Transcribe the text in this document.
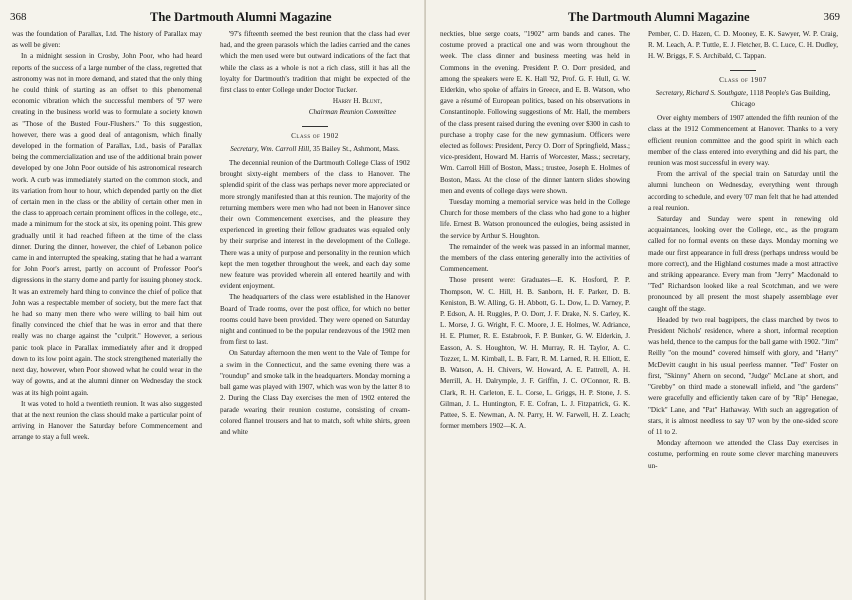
368	The Dartmouth Alumni Magazine

was the foundation of Parallax, Ltd. The history of Parallax may as well be given:

In a midnight session in Crosby, John Poor, who had heard reports of the success of a large number of the class, regretted that astronomy was not in more demand, and stated that the only thing he could think of starting as an offset to this phenomenal economic vibration which the successful members of '97 were creating in the business world was to formulate a society known as "Those of the Busted Four-Flushers." To this suggestion, however, there was a good deal of antagonism, which finally developed in the formation of Parallax, Ltd., basis of Parallax being the commercialization and use of the additional brain power developed by one John Poor outside of his astronomical research work. A curb was immediately started on the common stock, and its variation from hour to hour, which depended partly on the diet of certain men in the class or the ability of certain other men in the class to approach certain prominent offices in the college, etc., made a minimum for the stock at six, its opening point. This grew gradually until it had reached fifteen at the time of the class dinner. During the dinner, however, the chief of Lebanon police came in and interrupted the speaking, stating that he had a warrant for John Poor's arrest, partly on account of Professor Poor's digressions in the starry dome and partly for issuing phoney stock. It was an extremely hard thing to convince the chief of police that John was a respectable member of society, but the mere fact that he had so many men there who were willing to bail him out finally convinced the chief that he was in error and that there really was no charge against the "culprit." However, a serious panic took place in Parallax immediately after and it dropped down to its low point again. The stock strengthened materially the next day, however, when Poor showed what he could wear in the way of gowns, and at the alumni dinner on Wednesday the stock was at its high point again.

It was voted to hold a twentieth reunion. It was also suggested that at the next reunion the class should make a particular point of arriving in Hanover the Saturday before Commencement and arrange to stay a full week.

'97's fifteenth seemed the best reunion that the class had ever had, and the green parasols which the ladies carried and the canes which the men used were but outward indications of the fact that while the class as a whole is not a rich class, still it has all the loyalty for Dartmouth's tradition that might be expected of the first class to enter College under Doctor Tucker.

Harry H. Blunt,

Chairman Reunion Committee

Class of 1902

Secretary, Wm. Carroll Hill, 35 Bailey St., Ashmont, Mass.

The decennial reunion of the Dartmouth College Class of 1902 brought sixty-eight members of the class to Hanover. The splendid spirit of the class was perhaps never more appreciated or more strongly manifested than at this reunion. The majority of the returning members were men who had not been in Hanover since their own Commencement exercises, and the pleasure they experienced in greeting their fellow graduates was equaled only by their surprise and interest in the development of the College. There was a unity of purpose and personality in the reunion which kept the men together throughout the week, and each day some new feature was provided wherein all entered heartily and with evident enjoyment.

The headquarters of the class were established in the Hanover Board of Trade rooms, over the post office, for which no better rooms could have been provided. They were opened on Saturday night and continued to be the popular rendezvous of the 1902 men from first to last.

On Saturday afternoon the men went to the Vale of Tempe for a swim in the Connecticut, and the same evening there was a "roundup" and smoke talk in the headquarters. Monday morning a ball game was played with 1907, which was won by the latter 8 to 2. During the Class Day exercises the men of 1902 entered the parade wearing their reunion costume, consisting of cream-colored flannel trousers and hat to match, soft white shirts, green and white

The Dartmouth Alumni Magazine	369

neckties, blue serge coats, "1902" arm bands and canes. The costume proved a practical one and was worn throughout the week. The class dinner and business meeting was held in Commons in the evening. President P. O. Dorr presided, and among the speakers were E. K. Hall '92, Prof. G. F. Hull, G. W. Elderkin, who spoke of affairs in Greece, and E. B. Watson, who gave a résumé of European politics, based on his observations in Constantinople. Following suggestions of Mr. Hall, the members of the class present raised during the evening over $300 in cash to purchase a trophy case for the new gymnasium. Officers were elected as follows: President, Percy O. Dorr of Springfield, Mass.; vice-president, Howard M. Harris of Worcester, Mass.; secretary, Wm. Carroll Hill of Boston, Mass.; trustee, Joseph E. Holmes of Boston, Mass. At the close of the dinner lantern slides showing men and events of college days were shown.

Tuesday morning a memorial service was held in the College Church for those members of the class who had gone to a higher life. Ernest B. Watson pronounced the eulogies, being assisted in the service by Arthur S. Houghton.

The remainder of the week was passed in an informal manner, the members of the class entering generally into the activities of Commencement.

Those present were: Graduates—E. K. Hosford, P. P. Thompson, W. C. Hill, H. B. Sanborn, H. F. Parker, D. B. Keniston, B. W. Alling, G. H. Abbott, G. L. Dow, L. D. Varney, P. P. Edson, A. H. Ruggles, P. O. Dorr, J. F. Drake, N. S. Carley, K. L. Morse, J. G. Wright, F. C. Moore, J. E. Holmes, W. Adriance, H. E. Plumer, R. E. Estabrook, F. P. Bunker, G. W. Elderkin, J. Easson, A. S. Houghton, W. H. Murray, R. H. Taylor, A. C. Tozzer, L. M. Kimball, L. B. Farr, R. M. Larned, R. H. Elliott, E. B. Watson, A. H. Chivers, W. Howard, A. E. Pattrell, A. H. Merrill, A. H. Dalrymple, J. F. Griffin, J. C. O'Connor, R. B. Clark, R. H. Carleton, E. L. Corse, L. Griggs, H. P. Stone, J. S. Gilman, J. L. Huntington, F. E. Cofran, L. J. Fitzpatrick, G. K. Pattee, S. E. Newman, A. N. Parry, H. W. Farwell, H. Z. Leach; former members 1902—K. A.

Pember, C. D. Hazen, C. D. Mooney, E. K. Sawyer, W. P. Craig, R. M. Leach, A. P. Tuttle, E. J. Fletcher, B. C. Luce, C. H. Dudley, H. W. Briggs, F. S. Archibald, C. Tappan.

Class of 1907

Secretary, Richard S. Southgate, 1118 People's Gas Building, Chicago

Over eighty members of 1907 attended the fifth reunion of the class at the 1912 Commencement at Hanover. Thanks to a very efficient reunion committee and the good spirit in which each member of the class entered into everything and did his part, the reunion was most successful in every way.

From the arrival of the special train on Saturday until the alumni luncheon on Wednesday, everything went through according to schedule, and every '07 man felt that he had attended a real reunion.

Saturday and Sunday were spent in renewing old acquaintances, looking over the College, etc., as the program called for no formal events on these days. Monday morning we made our first appearance in full dress (perhaps undress would be more correct), and the Highland costumes made a most attractive and striking appearance. Every man from "Jerry" Macdonald to "Ted" Richardson looked like a real Scotchman, and we were pronounced by all present the most shapely assemblage ever caught off the stage.

Headed by two real bagpipers, the class marched by twos to President Nichols' residence, where a short, informal reception was held, thence to the campus for the ball game with 1902. "Jim" Reilly "on the mound" covered himself with glory, and "Harry" McDevitt caught in his usual peerless manner. "Ted" Foster on first, "Skinny" Ahern on second, "Judge" McLane at short, and "Grebby" on third made a stonewall infield, and "the gardens" were gracefully and efficiently taken care of by "Rip" Henegae, "Dick" Lane, and "Pat" Hathaway. With such an aggregation of stars, it is almost needless to say '07 won by the one-sided score of 11 to 2.

Monday afternoon we attended the Class Day exercises in costume, performing en route some clever marching maneuvers un-
